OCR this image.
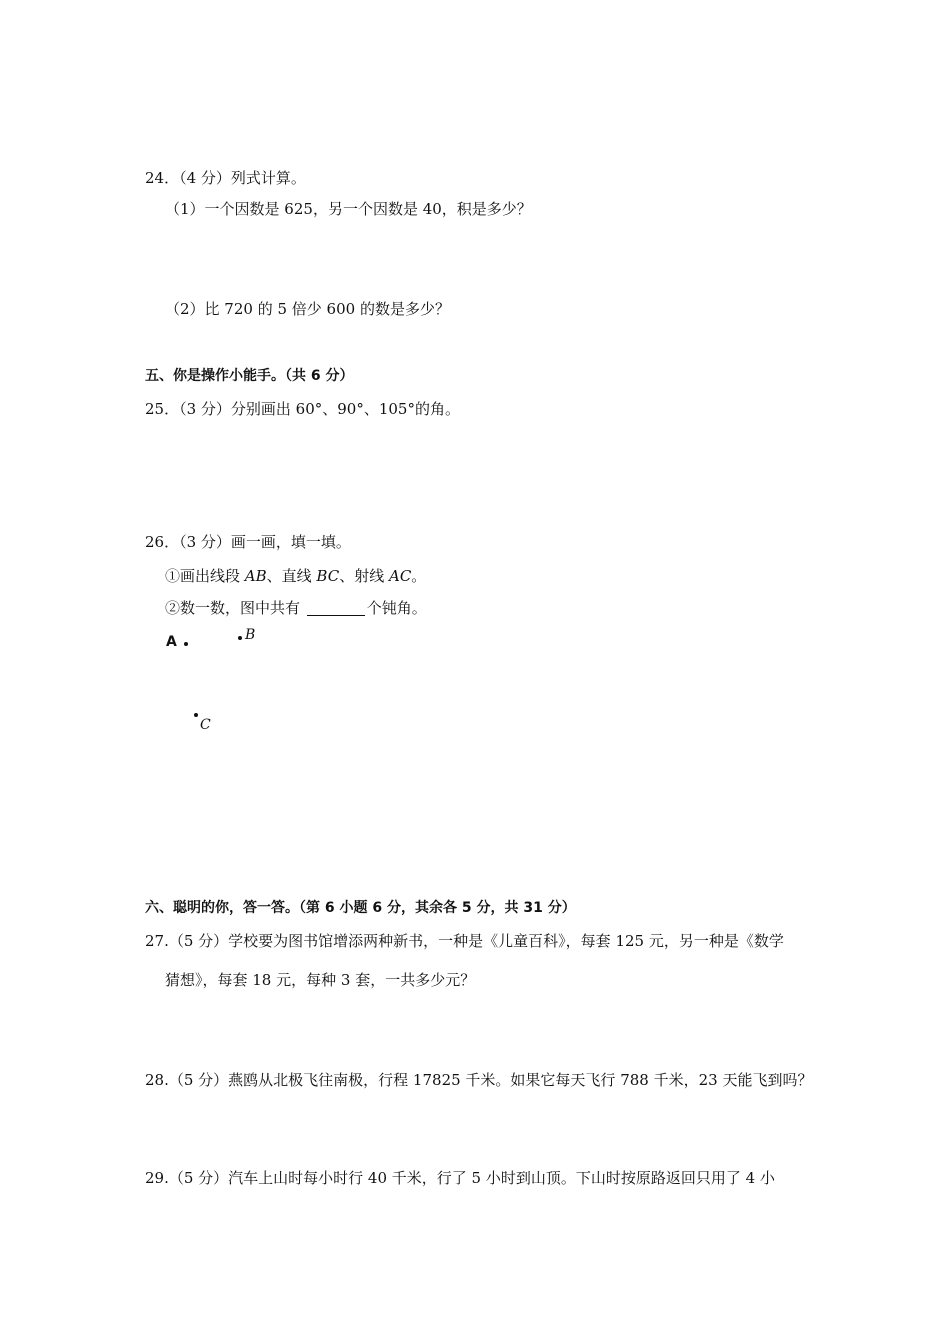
24．（4 分）列式计算。
（1）一个因数是 625，另一个因数是 40，积是多少？
（2）比 720 的 5 倍少 600 的数是多少？
五、你是操作小能手。（共 6 分）
25．（3 分）分别画出 60°、90°、105°的角。
26．（3 分）画一画，填一填。
①画出线段 AB、直线 BC、射线 AC。
②数一数，图中共有	个钝角。
A	B
C
六、聪明的你，答一答。（第 6 小题 6 分，其余各 5 分，共 31 分）
27.（5 分）学校要为图书馆增添两种新书，一种是《儿童百科》，每套 125 元，另一种是《数学
猜想》，每套 18 元，每种 3 套，一共多少元？
28.（5 分）燕鸥从北极飞往南极，行程 17825 千米。如果它每天飞行 788 千米，23 天能飞到吗？
29.（5 分）汽车上山时每小时行 40 千米，行了 5 小时到山顶。下山时按原路返回只用了 4 小
